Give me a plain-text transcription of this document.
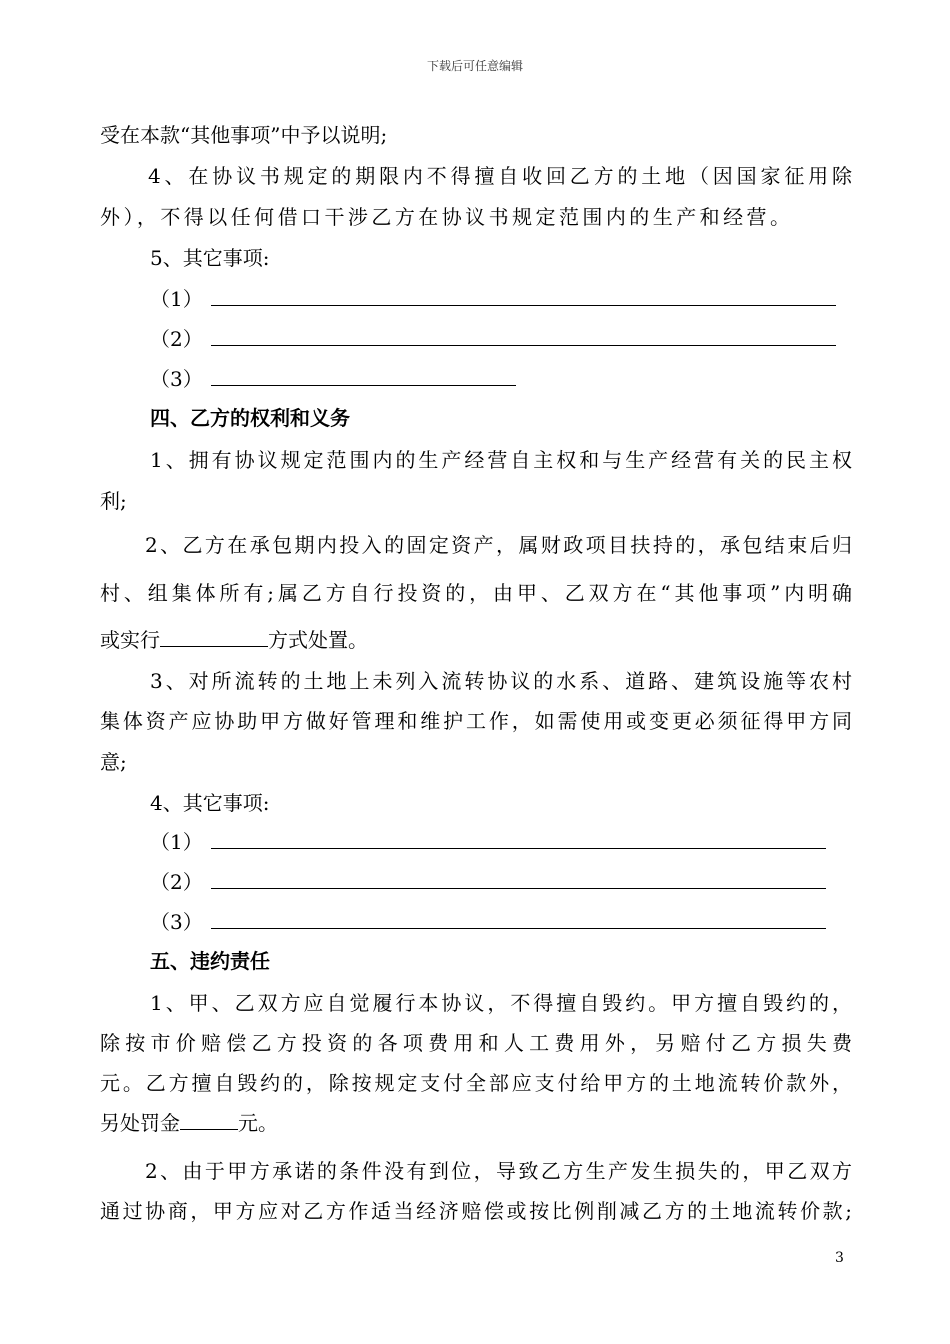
下载后可任意编辑
受在本款“其他事项”中予以说明;
4、在协议书规定的期限内不得擅自收回乙方的土地（因国家征用除
外），不得以任何借口干涉乙方在协议书规定范围内的生产和经营。
5、其它事项:
（1）
（2）
（3）
四、乙方的权利和义务
1、拥有协议规定范围内的生产经营自主权和与生产经营有关的民主权
利;
2、乙方在承包期内投入的固定资产，属财政项目扶持的，承包结束后归
村、组集体所有;属乙方自行投资的，由甲、乙双方在“其他事项”内明确
或实行	方式处置。
3、对所流转的土地上未列入流转协议的水系、道路、建筑设施等农村
集体资产应协助甲方做好管理和维护工作，如需使用或变更必须征得甲方同
意;
4、其它事项:
（1）
（2）
（3）
五、违约责任
1、甲、乙双方应自觉履行本协议，不得擅自毁约。甲方擅自毁约的，
除按市价赔偿乙方投资的各项费用和人工费用外，另赔付乙方损失费
元。乙方擅自毁约的，除按规定支付全部应支付给甲方的土地流转价款外，
另处罚金	元。
2、由于甲方承诺的条件没有到位，导致乙方生产发生损失的，甲乙双方
通过协商，甲方应对乙方作适当经济赔偿或按比例削减乙方的土地流转价款;
3
